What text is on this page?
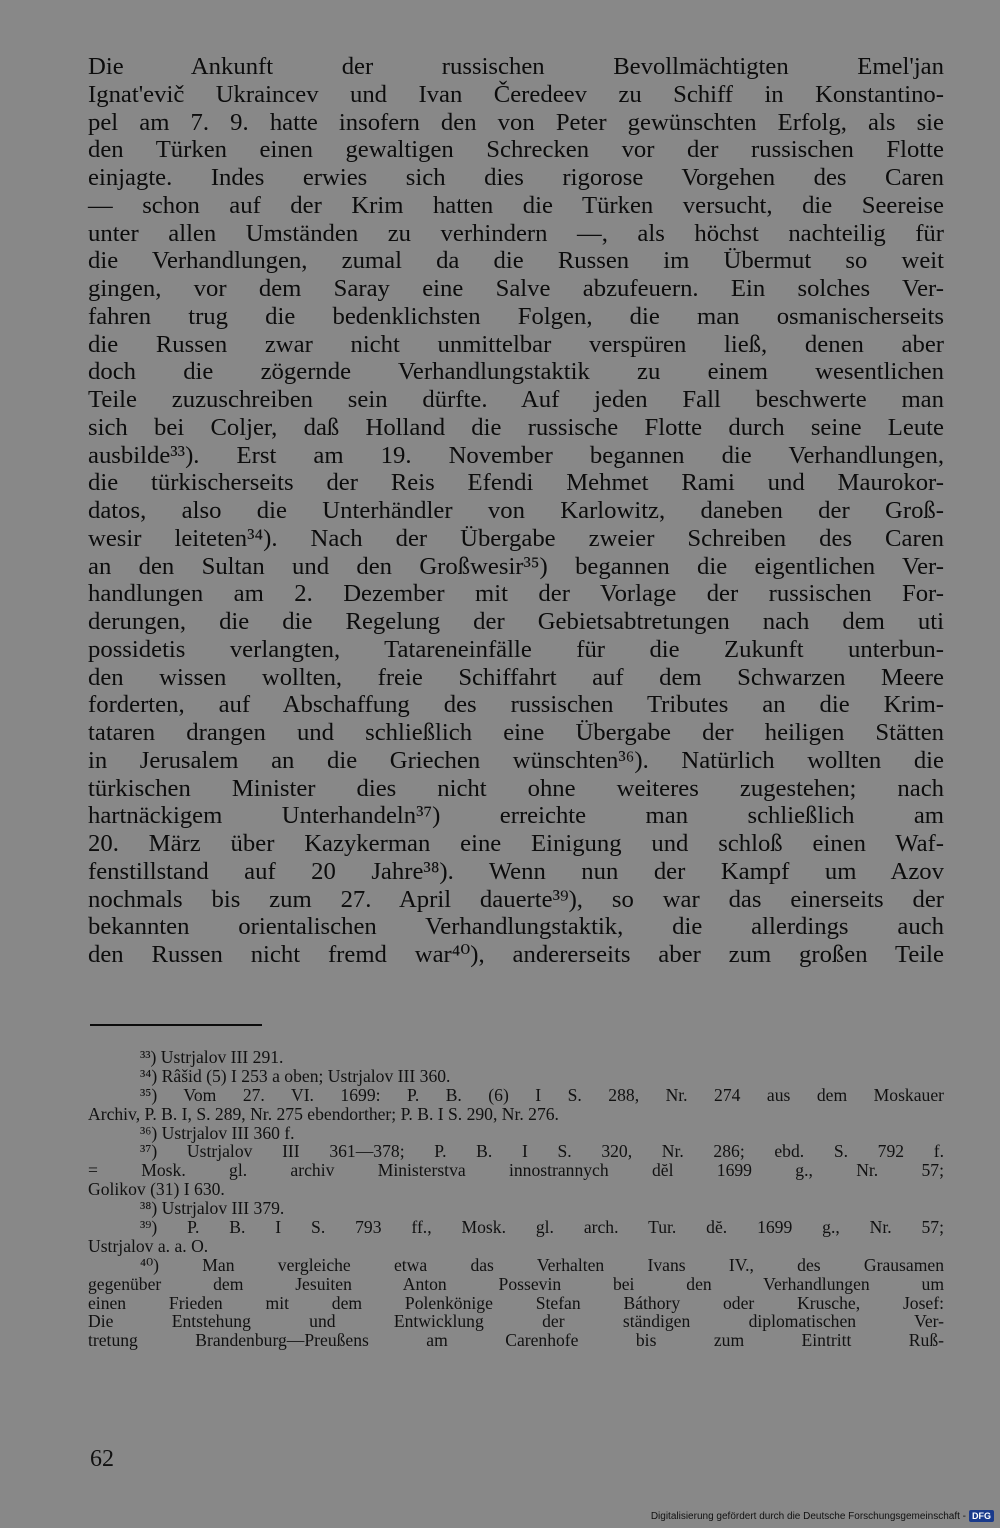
Die Ankunft der russischen Bevollmächtigten Emel'jan
Ignat'evič Ukraincev und Ivan Čeredeev zu Schiff in Konstantino-
pel am 7. 9. hatte insofern den von Peter gewünschten Erfolg, als sie
den Türken einen gewaltigen Schrecken vor der russischen Flotte
einjagte. Indes erwies sich dies rigorose Vorgehen des Caren
— schon auf der Krim hatten die Türken versucht, die Seereise
unter allen Umständen zu verhindern —, als höchst nachteilig für
die Verhandlungen, zumal da die Russen im Übermut so weit
gingen, vor dem Saray eine Salve abzufeuern. Ein solches Ver-
fahren trug die bedenklichsten Folgen, die man osmanischerseits
die Russen zwar nicht unmittelbar verspüren ließ, denen aber
doch die zögernde Verhandlungstaktik zu einem wesentlichen
Teile zuzuschreiben sein dürfte. Auf jeden Fall beschwerte man
sich bei Coljer, daß Holland die russische Flotte durch seine Leute
ausbilde³³). Erst am 19. November begannen die Verhandlungen,
die türkischerseits der Reis Efendi Mehmet Rami und Maurokor-
datos, also die Unterhändler von Karlowitz, daneben der Groß-
wesir leiteten³⁴). Nach der Übergabe zweier Schreiben des Caren
an den Sultan und den Großwesir³⁵) begannen die eigentlichen Ver-
handlungen am 2. Dezember mit der Vorlage der russischen For-
derungen, die die Regelung der Gebietsabtretungen nach dem uti
possidetis verlangten, Tatareneinfälle für die Zukunft unterbun-
den wissen wollten, freie Schiffahrt auf dem Schwarzen Meere
forderten, auf Abschaffung des russischen Tributes an die Krim-
tataren drangen und schließlich eine Übergabe der heiligen Stätten
in Jerusalem an die Griechen wünschten³⁶). Natürlich wollten die
türkischen Minister dies nicht ohne weiteres zugestehen; nach
hartnäckigem Unterhandeln³⁷) erreichte man schließlich am
20. März über Kazykerman eine Einigung und schloß einen Waf-
fenstillstand auf 20 Jahre³⁸). Wenn nun der Kampf um Azov
nochmals bis zum 27. April dauerte³⁹), so war das einerseits der
bekannten orientalischen Verhandlungstaktik, die allerdings auch
den Russen nicht fremd war⁴⁰), andererseits aber zum großen Teile
³³) Ustrjalov III 291.
³⁴) Râšid (5) I 253 a oben; Ustrjalov III 360.
³⁵) Vom 27. VI. 1699: P. B. (6) I S. 288, Nr. 274 aus dem Moskauer
Archiv, P. B. I, S. 289, Nr. 275 ebendorther; P. B. I S. 290, Nr. 276.
³⁶) Ustrjalov III 360 f.
³⁷) Ustrjalov III 361—378; P. B. I S. 320, Nr. 286; ebd. S. 792 f.
= Mosk. gl. archiv Ministerstva innostrannych dĕl 1699 g., Nr. 57;
Golikov (31) I 630.
³⁸) Ustrjalov III 379.
³⁹) P. B. I S. 793 ff., Mosk. gl. arch. Tur. dĕ. 1699 g., Nr. 57;
Ustrjalov a. a. O.
⁴⁰) Man vergleiche etwa das Verhalten Ivans IV., des Grausamen
gegenüber dem Jesuiten Anton Possevin bei den Verhandlungen um
einen Frieden mit dem Polenkönige Stefan Báthory oder Krusche, Josef:
Die Entstehung und Entwicklung der ständigen diplomatischen Ver-
tretung Brandenburg—Preußens am Carenhofe bis zum Eintritt Ruß-
62
Digitalisierung gefördert durch die Deutsche Forschungsgemeinschaft - DFG
